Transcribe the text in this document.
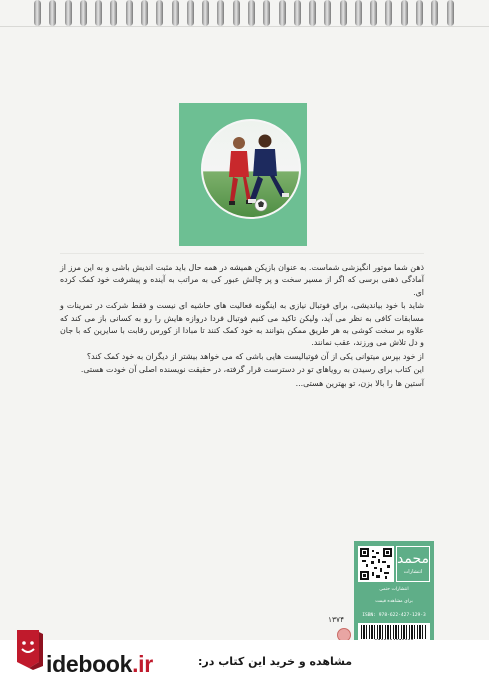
ذهن شما موتور انگیزشی شماست. به عنوان بازیکن همیشه در همه حال باید مثبت اندیش باشی و به این مرز از آمادگی ذهنی برسی که اگر از مسیر سخت و پر چالش عبور کی به مراتب به آینده و پیشرفت خود کمک کرده ای.

شاید با خود بیاندیشی، برای فوتبال نیازی به اینگونه فعالیت های حاشیه ای نیست و فقط شرکت در تمرینات و مسابقات کافی به نظر می آید، ولیکن تاکید می کنیم فوتبال فردا دروازه هایش را رو به کسانی باز می کند که علاوه بر سخت کوشی به هر طریق ممکن بتوانند به خود کمک کنند تا مبادا از کورس رقابت با سایرین که با جان و دل تلاش می ورزند، عقب نمانند.

از خود بپرس میتوانی یکی از آن فوتبالیست هایی باشی که می خواهد بیشتر از دیگران به خود کمک کند؟

این کتاب برای رسیدن به رویاهای تو در دسترست قرار گرفته، در حقیقت نویسنده اصلی آن خودت هستی.

آستین ها را بالا بزن، تو بهترین هستی...

محمد
انتشارات
انتشارات حتمی
برای مشاهده قیمت
ISBN: 978-622-427-129-3
۱۳۷۴
idebook.ir	مشاهده و خرید این کتاب در:
